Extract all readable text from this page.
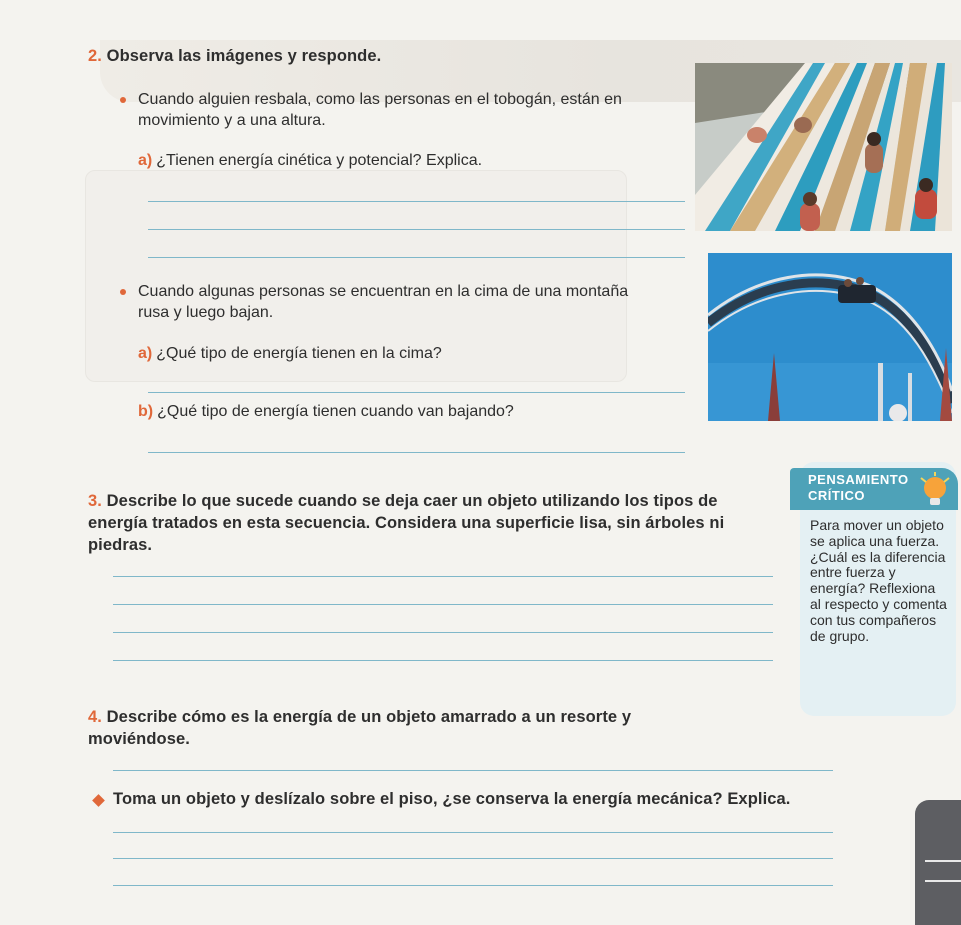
2. Observa las imágenes y responde.
Cuando alguien resbala, como las personas en el tobogán, están en movimiento y a una altura.
a) ¿Tienen energía cinética y potencial? Explica.
Cuando algunas personas se encuentran en la cima de una montaña rusa y luego bajan.
a) ¿Qué tipo de energía tienen en la cima?
b) ¿Qué tipo de energía tienen cuando van bajando?
3. Describe lo que sucede cuando se deja caer un objeto utilizando los tipos de energía tratados en esta secuencia. Considera una superficie lisa, sin árboles ni piedras.
PENSAMIENTO
CRÍTICO
Para mover un objeto se aplica una fuerza. ¿Cuál es la diferencia entre fuerza y energía? Reflexiona al respecto y comenta con tus compañeros de grupo.
4. Describe cómo es la energía de un objeto amarrado a un resorte y moviéndose.
Toma un objeto y deslízalo sobre el piso, ¿se conserva la energía mecánica? Explica.
